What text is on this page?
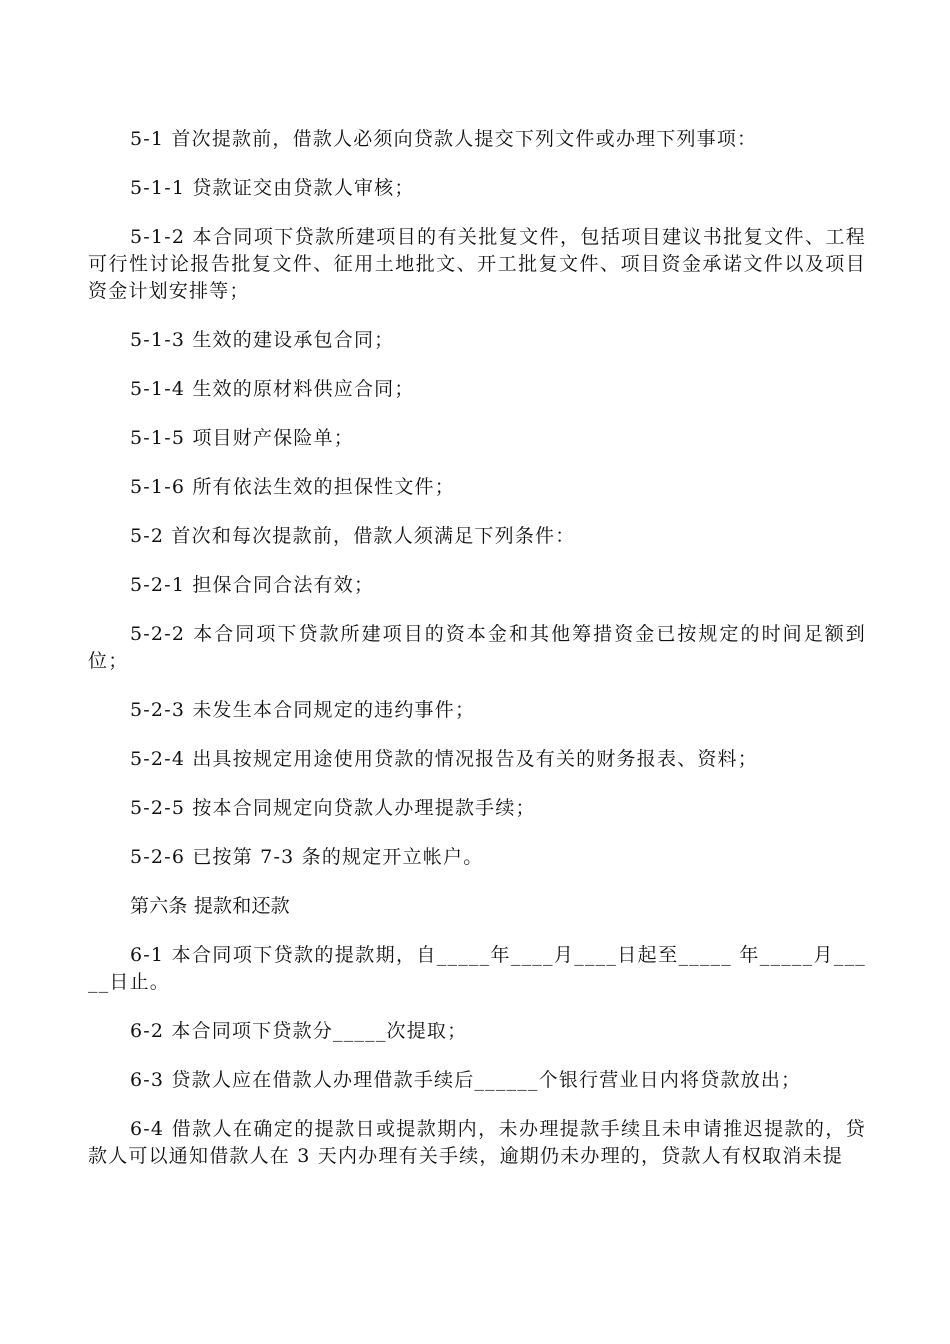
5-1 首次提款前，借款人必须向贷款人提交下列文件或办理下列事项：

5-1-1 贷款证交由贷款人审核；

5-1-2 本合同项下贷款所建项目的有关批复文件，包括项目建议书批复文件、工程可行性讨论报告批复文件、征用土地批文、开工批复文件、项目资金承诺文件以及项目资金计划安排等；

5-1-3 生效的建设承包合同；

5-1-4 生效的原材料供应合同；

5-1-5 项目财产保险单；

5-1-6 所有依法生效的担保性文件；

5-2 首次和每次提款前，借款人须满足下列条件：

5-2-1 担保合同合法有效；

5-2-2 本合同项下贷款所建项目的资本金和其他筹措资金已按规定的时间足额到位；

5-2-3 未发生本合同规定的违约事件；

5-2-4 出具按规定用途使用贷款的情况报告及有关的财务报表、资料；

5-2-5 按本合同规定向贷款人办理提款手续；

5-2-6 已按第 7-3 条的规定开立帐户。

第六条 提款和还款

6-1 本合同项下贷款的提款期，自_____年____月____日起至_____ 年_____月_____日止。

6-2 本合同项下贷款分_____次提取；

6-3 贷款人应在借款人办理借款手续后______个银行营业日内将贷款放出；

6-4 借款人在确定的提款日或提款期内，未办理提款手续且未申请推迟提款的，贷款人可以通知借款人在 3 天内办理有关手续，逾期仍未办理的，贷款人有权取消未提
